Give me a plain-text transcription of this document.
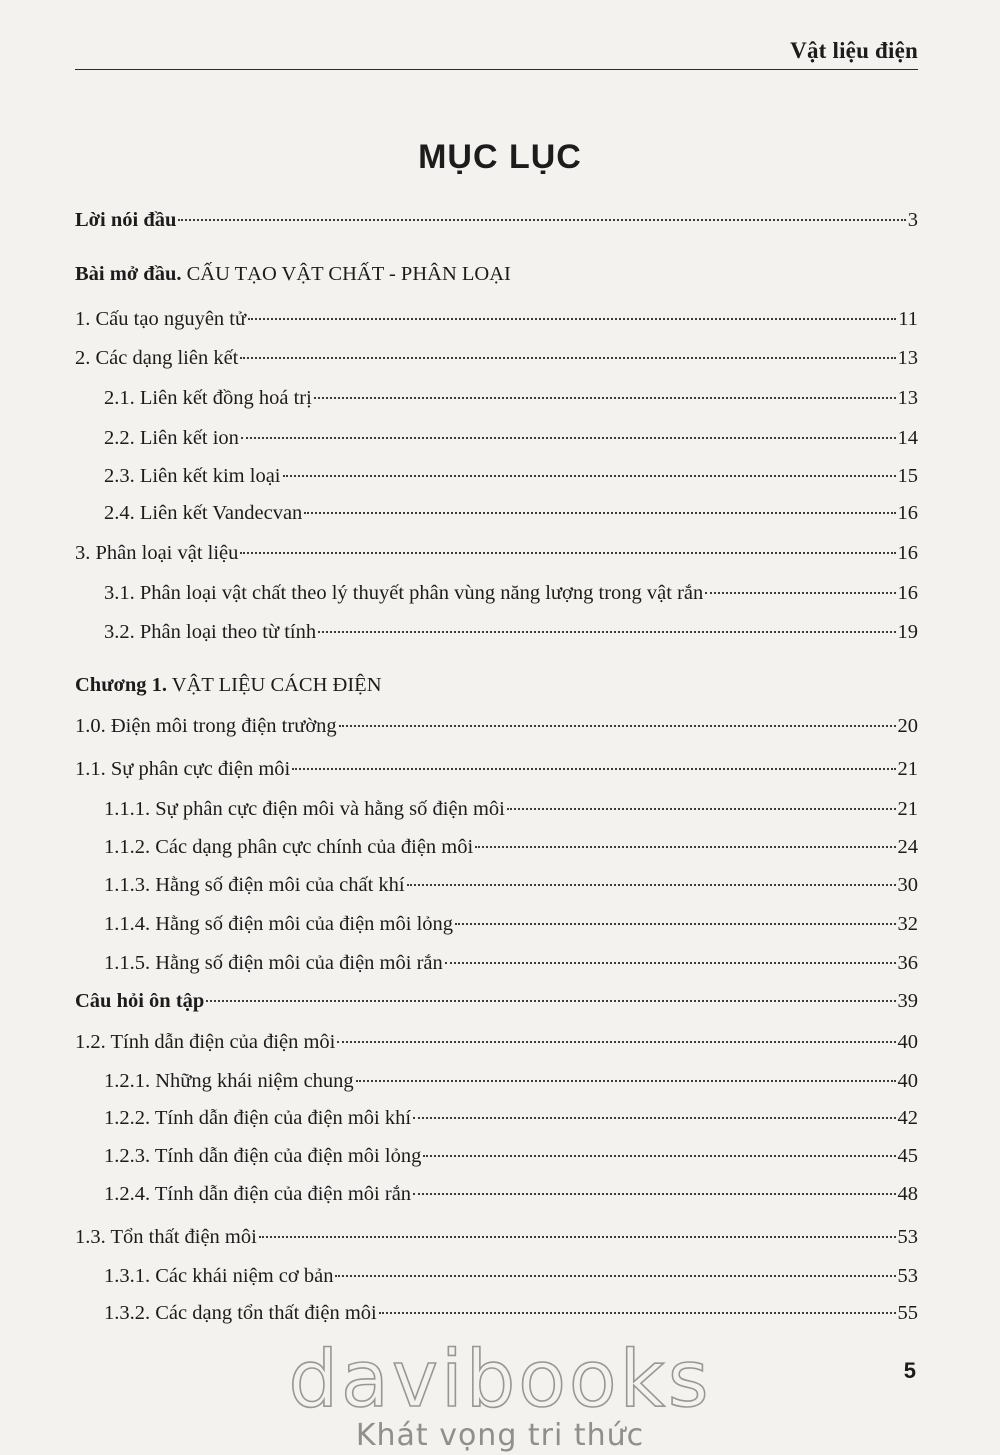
Vật liệu điện
MỤC LỤC
Lời nói đầu	3
Bài mở đầu. CẤU TẠO VẬT CHẤT - PHÂN LOẠI
1. Cấu tạo nguyên tử	11
2. Các dạng liên kết	13
2.1. Liên kết đồng hoá trị	13
2.2. Liên kết ion	14
2.3. Liên kết kim loại	15
2.4. Liên kết Vandecvan	16
3. Phân loại vật liệu	16
3.1. Phân loại vật chất theo lý thuyết phân vùng năng lượng trong vật rắn	16
3.2. Phân loại theo từ tính	19
Chương 1. VẬT LIỆU CÁCH ĐIỆN
1.0. Điện môi trong điện trường	20
1.1. Sự phân cực điện môi	21
1.1.1. Sự phân cực điện môi và hằng số điện môi	21
1.1.2. Các dạng phân cực chính của điện môi	24
1.1.3. Hằng số điện môi của chất khí	30
1.1.4. Hằng số điện môi của điện môi lỏng	32
1.1.5. Hằng số điện môi của điện môi rắn	36
Câu hỏi ôn tập	39
1.2. Tính dẫn điện của điện môi	40
1.2.1. Những khái niệm chung	40
1.2.2. Tính dẫn điện của điện môi khí	42
1.2.3. Tính dẫn điện của điện môi lỏng	45
1.2.4. Tính dẫn điện của điện môi rắn	48
1.3. Tổn thất điện môi	53
1.3.1. Các khái niệm cơ bản	53
1.3.2. Các dạng tổn thất điện môi	55
davibooks
Khát vọng tri thức
5
